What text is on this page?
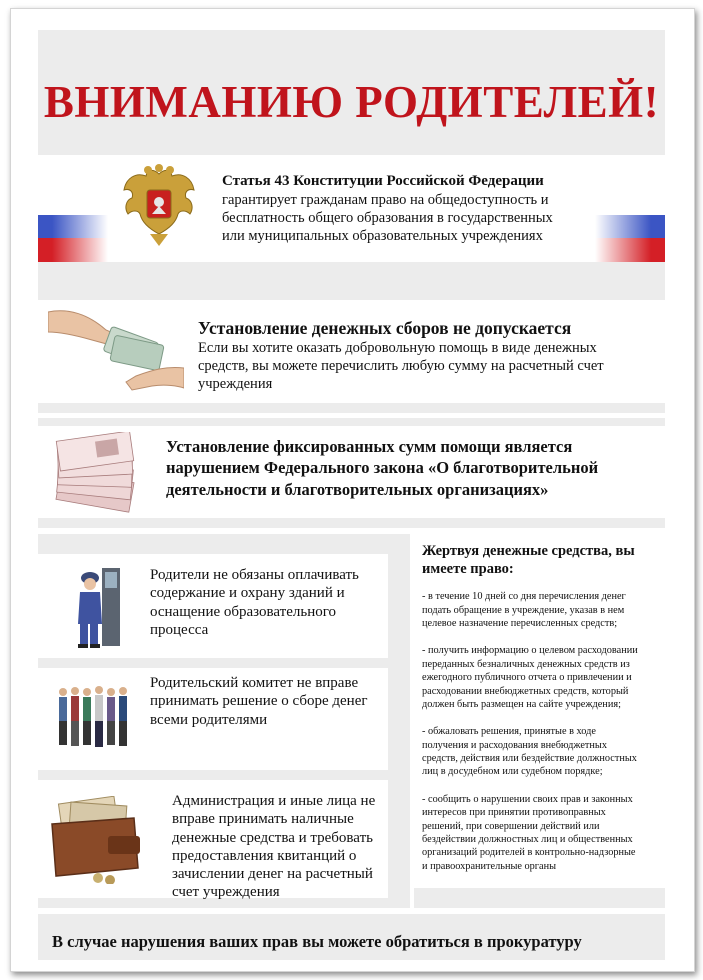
ВНИМАНИЮ РОДИТЕЛЕЙ!
Статья 43 Конституции Российской Федерации
гарантирует гражданам право на общедоступность и
бесплатность общего образования в государственных
или муниципальных образовательных учреждениях
Установление денежных сборов не допускается
Если вы хотите оказать добровольную помощь в виде денежных
средств, вы можете перечислить любую сумму на расчетный счет
учреждения
Установление фиксированных сумм помощи является
нарушением Федерального закона «О благотворительной
деятельности и благотворительных организациях»
Родители не обязаны оплачивать
содержание и охрану зданий и
оснащение образовательного
процесса
Родительский комитет не вправе
принимать решение о сборе денег
всеми родителями
Администрация и иные лица не
вправе принимать наличные
денежные средства и требовать
предоставления квитанций о
зачислении денег на расчетный
счет учреждения
Жертвуя денежные средства, вы
имеете право:
- в течение 10 дней со дня перечисления денег
подать обращение в учреждение, указав в нем
целевое назначение перечисленных средств;
- получить информацию о целевом расходовании
переданных безналичных денежных средств из
ежегодного публичного отчета о привлечении и
расходовании внебюджетных средств, который
должен быть размещен на сайте учреждения;
- обжаловать решения, принятые в ходе
получения и расходования внебюджетных
средств, действия или бездействие должностных
лиц в досудебном или судебном порядке;
- сообщить о нарушении своих прав и законных
интересов при принятии противоправных
решений, при совершении действий или
бездействии должностных лиц и общественных
организаций родителей в контрольно-надзорные
и правоохранительные органы
В случае нарушения ваших прав вы можете обратиться в прокуратуру
